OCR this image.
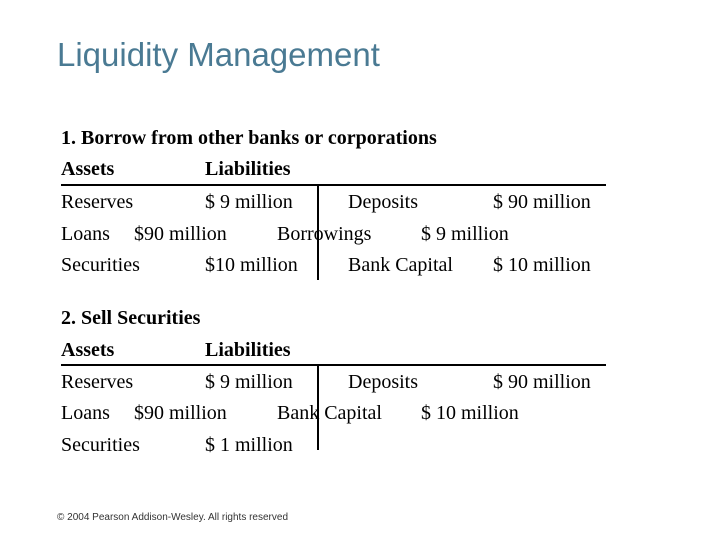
Liquidity Management
1. Borrow from other banks or corporations
Assets	Liabilities
Reserves	$ 9 million	Deposits	$ 90 million
Loans $90 million	Borrowings $ 9 million
Securities	$10 million	Bank Capital $ 10 million
2. Sell Securities
Assets	Liabilities
Reserves	$ 9 million	Deposits	$ 90 million
Loans $90 million	Bank Capital $ 10 million
Securities	$ 1 million
© 2004 Pearson Addison-Wesley. All rights reserved
